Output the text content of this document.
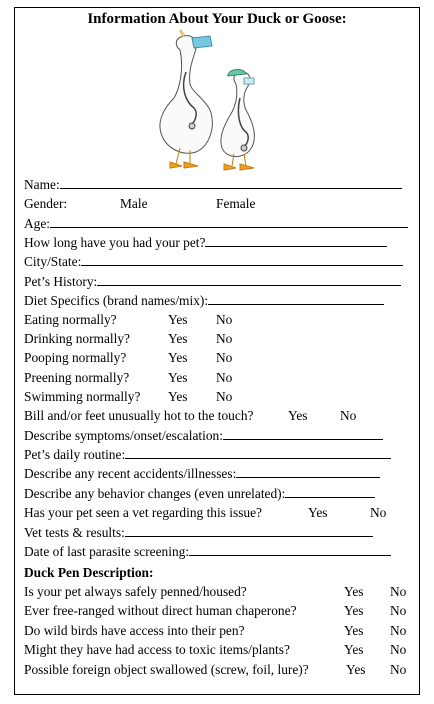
Information About Your Duck or Goose:
Name:
Gender:	Male	Female
Age:
How long have you had your pet?
City/State:
Pet’s History:
Diet Specifics (brand names/mix):
Eating normally?	Yes No
Drinking normally?	Yes No
Pooping normally?	Yes No
Preening normally?	Yes No
Swimming normally? Yes No
Bill and/or feet unusually hot to the touch?	Yes No
Describe symptoms/onset/escalation:
Pet’s daily routine:
Describe any recent accidents/illnesses:
Describe any behavior changes (even unrelated):
Has your pet seen a vet regarding this issue?	Yes	No
Vet tests & results:
Date of last parasite screening:
Duck Pen Description:
Is your pet always safely penned/housed?	Yes No
Ever free-ranged without direct human chaperone?	Yes No
Do wild birds have access into their pen?	Yes No
Might they have had access to toxic items/plants?	Yes No
Possible foreign object swallowed (screw, foil, lure)?	Yes No
